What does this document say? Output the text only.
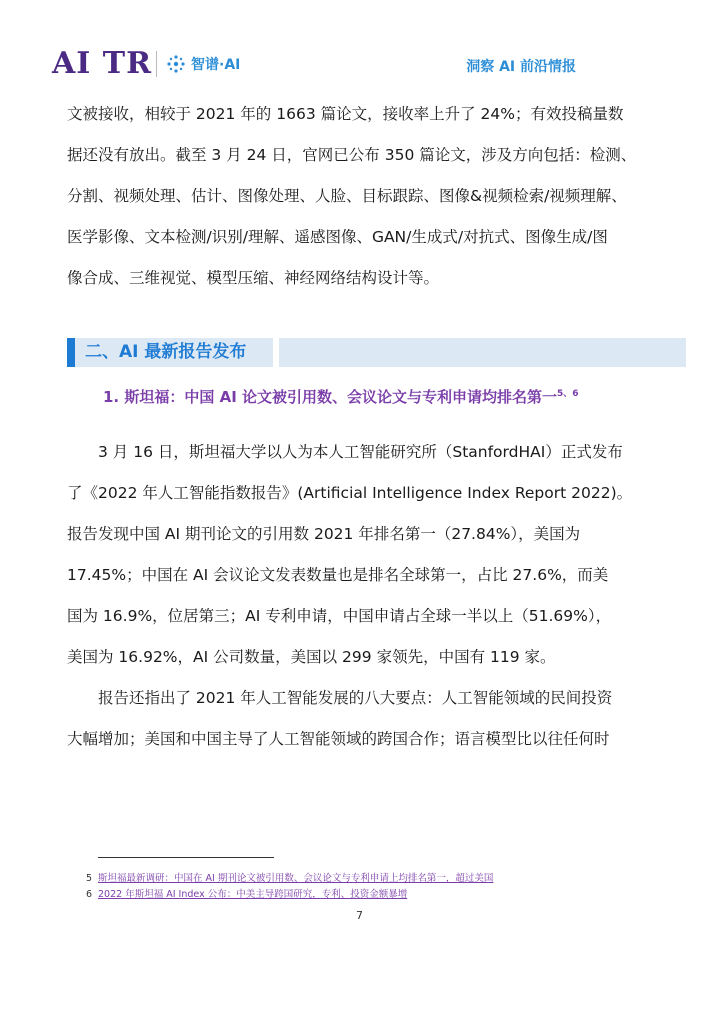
AI TR	智谱·AI	洞察 AI 前沿情报
文被接收，相较于 2021 年的 1663 篇论文，接收率上升了 24%；有效投稿量数
据还没有放出。截至 3 月 24 日，官网已公布 350 篇论文，涉及方向包括：检测、
分割、视频处理、估计、图像处理、人脸、目标跟踪、图像&视频检索/视频理解、
医学影像、文本检测/识别/理解、遥感图像、GAN/生成式/对抗式、图像生成/图
像合成、三维视觉、模型压缩、神经网络结构设计等。
二、AI 最新报告发布
1. 斯坦福：中国 AI 论文被引用数、会议论文与专利申请均排名第一$^{5、6}$
3 月 16 日，斯坦福大学以人为本人工智能研究所（StanfordHAI）正式发布
了《2022 年人工智能指数报告》(Artificial Intelligence Index Report 2022)。
报告发现中国 AI 期刊论文的引用数 2021 年排名第一（27.84%），美国为
17.45%；中国在 AI 会议论文发表数量也是排名全球第一，占比 27.6%，而美
国为 16.9%，位居第三；AI 专利申请，中国申请占全球一半以上（51.69%），
美国为 16.92%，AI 公司数量，美国以 299 家领先，中国有 119 家。
报告还指出了 2021 年人工智能发展的八大要点：人工智能领域的民间投资
大幅增加；美国和中国主导了人工智能领域的跨国合作；语言模型比以往任何时
5 斯坦福最新调研：中国在 AI 期刊论文被引用数、会议论文与专利申请上均排名第一，超过美国
6 2022 年斯坦福 AI Index 公布：中美主导跨国研究，专利、投资金额暴增
7
